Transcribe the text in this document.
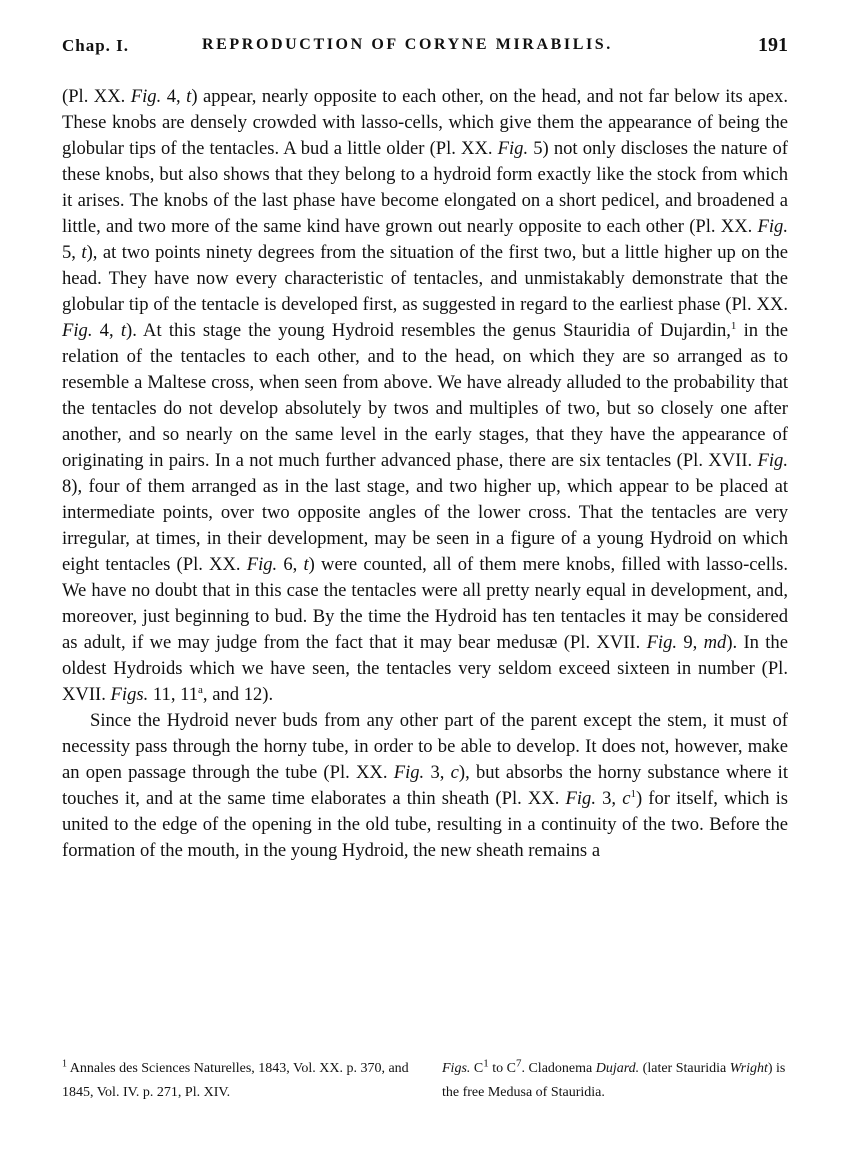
Chap. I.	REPRODUCTION OF CORYNE MIRABILIS.	191

(Pl. XX. Fig. 4, t) appear, nearly opposite to each other, on the head, and not far below its apex. These knobs are densely crowded with lasso-cells, which give them the appearance of being the globular tips of the tentacles. A bud a little older (Pl. XX. Fig. 5) not only discloses the nature of these knobs, but also shows that they belong to a hydroid form exactly like the stock from which it arises. The knobs of the last phase have become elongated on a short pedicel, and broadened a little, and two more of the same kind have grown out nearly opposite to each other (Pl. XX. Fig. 5, t), at two points ninety degrees from the situation of the first two, but a little higher up on the head. They have now every characteristic of tentacles, and unmistakably demonstrate that the globular tip of the tentacle is developed first, as suggested in regard to the earliest phase (Pl. XX. Fig. 4, t). At this stage the young Hydroid resembles the genus Stauridia of Dujardin,$^1$ in the relation of the tentacles to each other, and to the head, on which they are so arranged as to resemble a Maltese cross, when seen from above. We have already alluded to the probability that the tentacles do not develop absolutely by twos and multiples of two, but so closely one after another, and so nearly on the same level in the early stages, that they have the appearance of originating in pairs. In a not much further advanced phase, there are six tentacles (Pl. XVII. Fig. 8), four of them arranged as in the last stage, and two higher up, which appear to be placed at intermediate points, over two opposite angles of the lower cross. That the tentacles are very irregular, at times, in their development, may be seen in a figure of a young Hydroid on which eight tentacles (Pl. XX. Fig. 6, t) were counted, all of them mere knobs, filled with lasso-cells. We have no doubt that in this case the tentacles were all pretty nearly equal in development, and, moreover, just beginning to bud. By the time the Hydroid has ten tentacles it may be considered as adult, if we may judge from the fact that it may bear medusæ (Pl. XVII. Fig. 9, md). In the oldest Hydroids which we have seen, the tentacles very seldom exceed sixteen in number (Pl. XVII. Figs. 11, 11$^a$, and 12).

Since the Hydroid never buds from any other part of the parent except the stem, it must of necessity pass through the horny tube, in order to be able to develop. It does not, however, make an open passage through the tube (Pl. XX. Fig. 3, c), but absorbs the horny substance where it touches it, and at the same time elaborates a thin sheath (Pl. XX. Fig. 3, $c^1$) for itself, which is united to the edge of the opening in the old tube, resulting in a continuity of the two. Before the formation of the mouth, in the young Hydroid, the new sheath remains a

$^1$ Annales des Sciences Naturelles, 1843, Vol. XX. p. 370, and 1845, Vol. IV. p. 271, Pl. XIV.
Figs. $C^1$ to $C^7$. Cladonema Dujard. (later Stauridia Wright) is the free Medusa of Stauridia.
